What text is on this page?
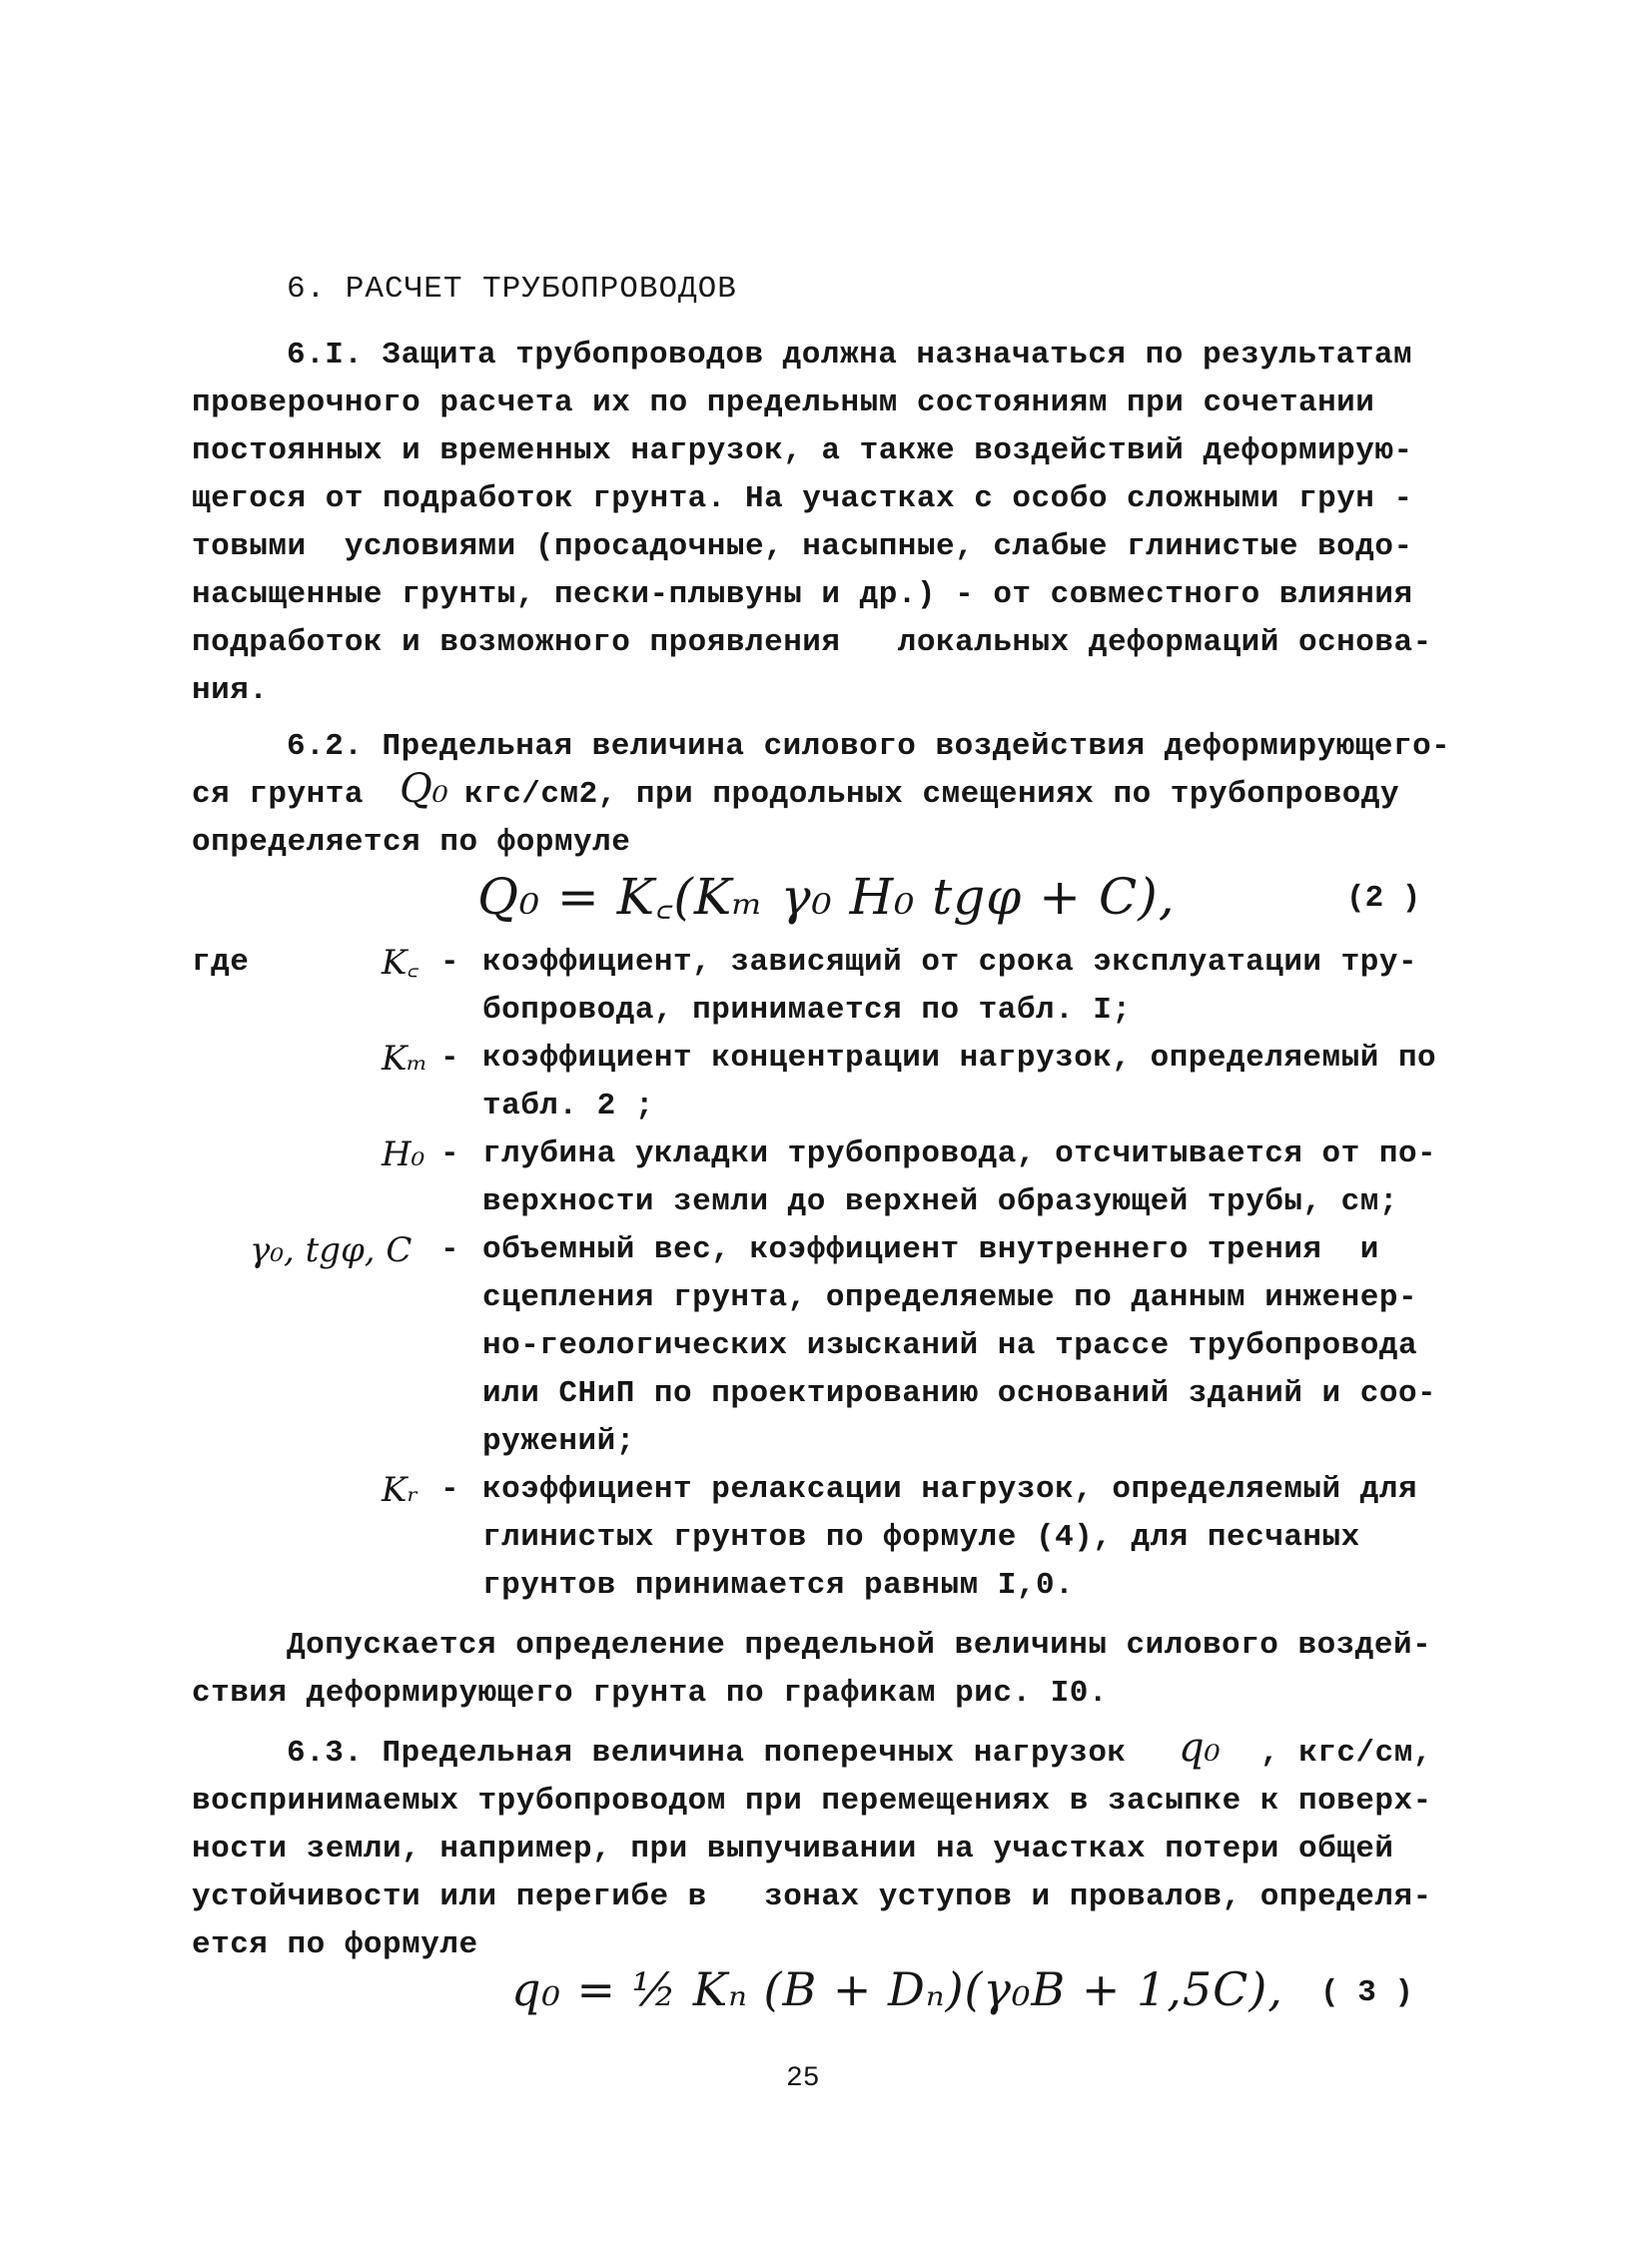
6. РАСЧЕТ ТРУБОПРОВОДОВ
6.I. Защита трубопроводов должна назначаться по результатам
проверочного расчета их по предельным состояниям при сочетании
постоянных и временных нагрузок, а также воздействий деформирую-
щегося от подработок грунта. На участках с особо сложными грун -
товыми  условиями (просадочные, насыпные, слабые глинистые водо-
насыщенные грунты, пески-плывуны и др.) - от совместного влияния
подработок и возможного проявления   локальных деформаций основа-
ния.
6.2. Предельная величина силового воздействия деформирующего-
ся грунта Q₀ кгс/см2, при продольных смещениях по трубопроводу
определяется по формуле
Q₀ = K꜀(Kₘ γ₀ H₀ tgφ + C),	(2 )
где	K꜀ - коэффициент, зависящий от срока эксплуатации тру-
бопровода, принимается по табл. I;
Kₘ - коэффициент концентрации нагрузок, определяемый по
табл. 2 ;
H₀ - глубина укладки трубопровода, отсчитывается от по-
верхности земли до верхней образующей трубы, см;
γ₀, tgφ, C - объемный вес, коэффициент внутреннего трения  и
сцепления грунта, определяемые по данным инженер-
но-геологических изысканий на трассе трубопровода
или СНиП по проектированию оснований зданий и соо-
ружений;
Kᵣ - коэффициент релаксации нагрузок, определяемый для
глинистых грунтов по формуле (4), для песчаных
грунтов принимается равным I,0.
Допускается определение предельной величины силового воздей-
ствия деформирующего грунта по графикам рис. I0.
6.3. Предельная величина поперечных нагрузок q₀ , кгс/см,
воспринимаемых трубопроводом при перемещениях в засыпке к поверх-
ности земли, например, при выпучивании на участках потери общей
устойчивости или перегибе в   зонах уступов и провалов, определя-
ется по формуле
q₀ = ½ Kₙ (B + Dₙ)(γ₀B + 1,5C), ( 3 )
25
